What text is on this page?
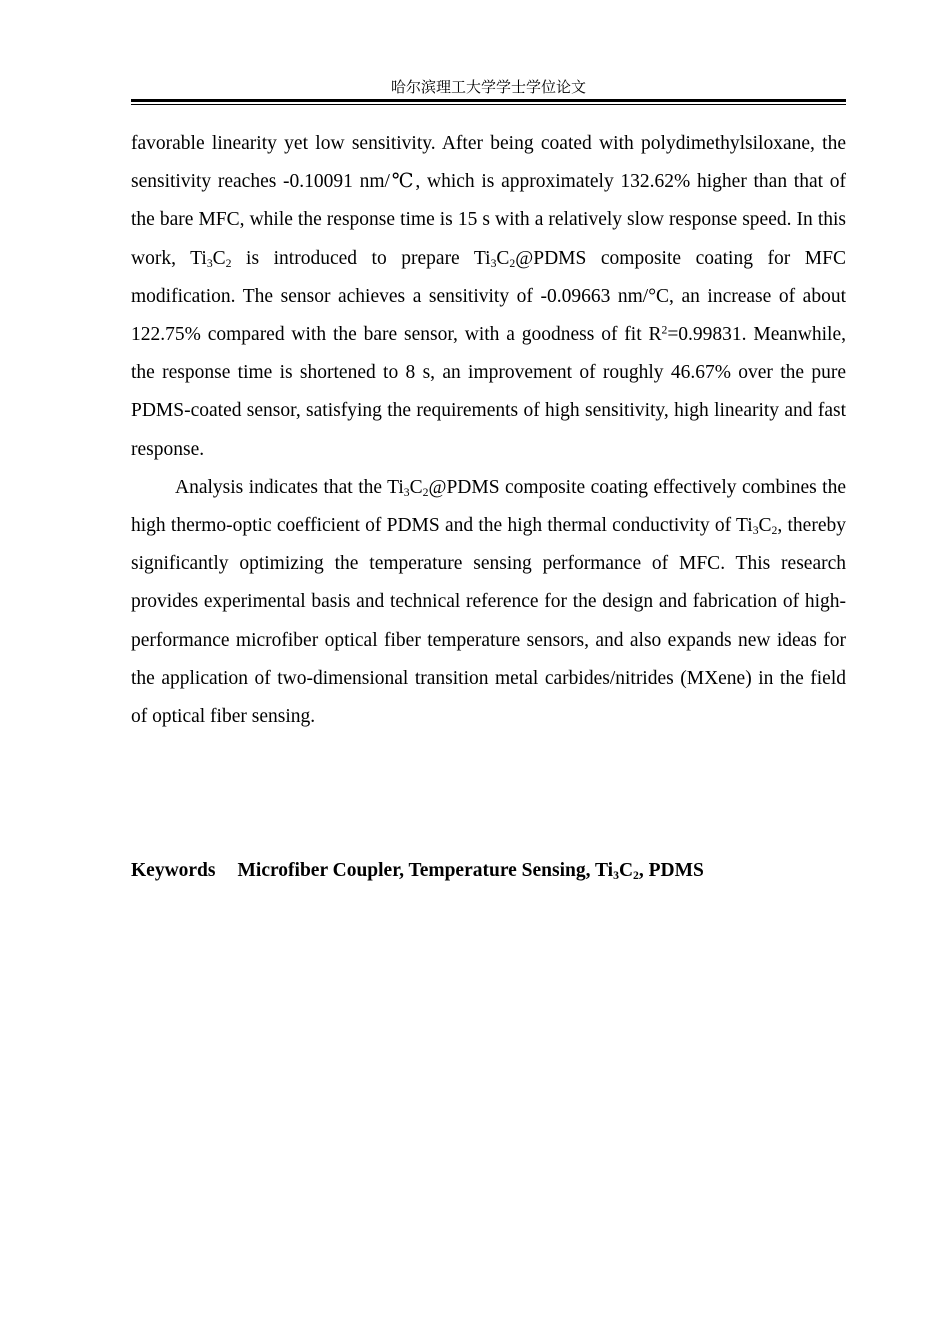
哈尔滨理工大学学士学位论文

favorable linearity yet low sensitivity. After being coated with polydimethylsiloxane, the sensitivity reaches -0.10091 nm/℃, which is approximately 132.62% higher than that of the bare MFC, while the response time is 15 s with a relatively slow response speed. In this work, $Ti_3C_2$ is introduced to prepare $Ti_3C_2@PDMS$ composite coating for MFC modification. The sensor achieves a sensitivity of -0.09663 nm/°C, an increase of about 122.75% compared with the bare sensor, with a goodness of fit $R^2=0.99831$. Meanwhile, the response time is shortened to 8 s, an improvement of roughly 46.67% over the pure PDMS-coated sensor, satisfying the requirements of high sensitivity, high linearity and fast response.

Analysis indicates that the $Ti_3C_2@PDMS$ composite coating effectively combines the high thermo-optic coefficient of PDMS and the high thermal conductivity of $Ti_3C_2$, thereby significantly optimizing the temperature sensing performance of MFC. This research provides experimental basis and technical reference for the design and fabrication of high-performance microfiber optical fiber temperature sensors, and also expands new ideas for the application of two-dimensional transition metal carbides/nitrides (MXene) in the field of optical fiber sensing.

Keywords Microfiber Coupler, Temperature Sensing, $Ti_3C_2$, PDMS
